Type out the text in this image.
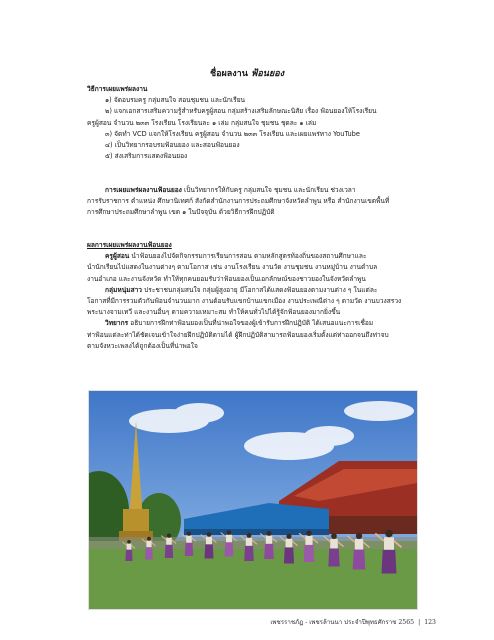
ชื่อผลงาน ฟ้อนยอง

วิธีการเผยแพร่ผลงาน

๑) จัดอบรมครู กลุ่มสนใจ สอนชุมชน และนักเรียน

๒) แจกเอกสารเสริมความรู้สำหรับครูผู้สอน กลุ่มสร้างเสริมลักษณะนิสัย เรื่อง ฟ้อนยองให้โรงเรียน

ครูผู้สอน จำนวน ๒๓๓ โรงเรียน โรงเรียนละ ๑ เล่ม กลุ่มสนใจ ชุมชน ชุดละ ๑ เล่ม

๓) จัดทำ VCD แจกให้โรงเรียน ครูผู้สอน จำนวน ๒๓๓ โรงเรียน และเผยแพร่ทาง YouTube

๔) เป็นวิทยากรอบรมฟ้อนยอง และสอนฟ้อนยอง

๕) ส่งเสริมการแสดงฟ้อนยอง

การเผยแพร่ผลงานฟ้อนยอง เป็นวิทยากรให้กับครู กลุ่มสนใจ ชุมชน และนักเรียน ช่วงเวลา

การรับราชการ ตำแหน่ง ศึกษานิเทศก์ สังกัดสำนักงานการประถมศึกษาจังหวัดลำพูน หรือ สำนักงานเขตพื้นที่

การศึกษาประถมศึกษาลำพูน เขต ๑ ในปัจจุบัน ด้วยวิธีการฝึกปฏิบัติ

ผลการเผยแพร่ผลงานฟ้อนยอง

ครูผู้สอน นำฟ้อนยองไปจัดกิจกรรมการเรียนการสอน ตามหลักสูตรท้องถิ่นของสถานศึกษาและ

นำนักเรียนไปแสดงในงานต่างๆ ตามโอกาส เช่น งานโรงเรียน งานวัด งานชุมชน งานหมู่บ้าน งานตำบล

งานอำเภอ และงานจังหวัด ทำให้ทุกคนยอมรับว่าฟ้อนยองเป็นเอกลักษณ์ของชาวยองในจังหวัดลำพูน

กลุ่มหนุ่มสาว ประชาชนกลุ่มสนใจ กลุ่มผู้สูงอายุ มีโอกาสได้แสดงฟ้อนยองตามงานต่าง ๆ ในแต่ละ

โอกาสที่มีการรวมตัวกันฟ้อนจำนวนมาก งานต้อนรับแขกบ้านแขกเมือง งานประเพณีต่าง ๆ ตามวัด งานบวงสรวง

พระนางจามเทวี และงานอื่นๆ ตามความเหมาะสม ทำให้คนทั่วไปได้รู้จักฟ้อนยองมากยิ่งขึ้น

วิทยากร อธิบายการฝึกท่าฟ้อนยองเป็นที่น่าพอใจของผู้เข้ารับการฝึกปฏิบัติ ได้เสนอแนะการเชื่อม

ท่าฟ้อนแต่ละท่าได้ชัดเจนเข้าใจง่ายฝึกปฏิบัติตามได้ ผู้ฝึกปฏิบัติสามารถฟ้อนยองเริ่มตั้งแต่ท่าออกจนถึงท่าจบ

ตามจังหวะเพลงได้ถูกต้องเป็นที่น่าพอใจ

เพชรราชภัฏ - เพชรล้านนา ประจำปีพุทธศักราช 2565 | 123
